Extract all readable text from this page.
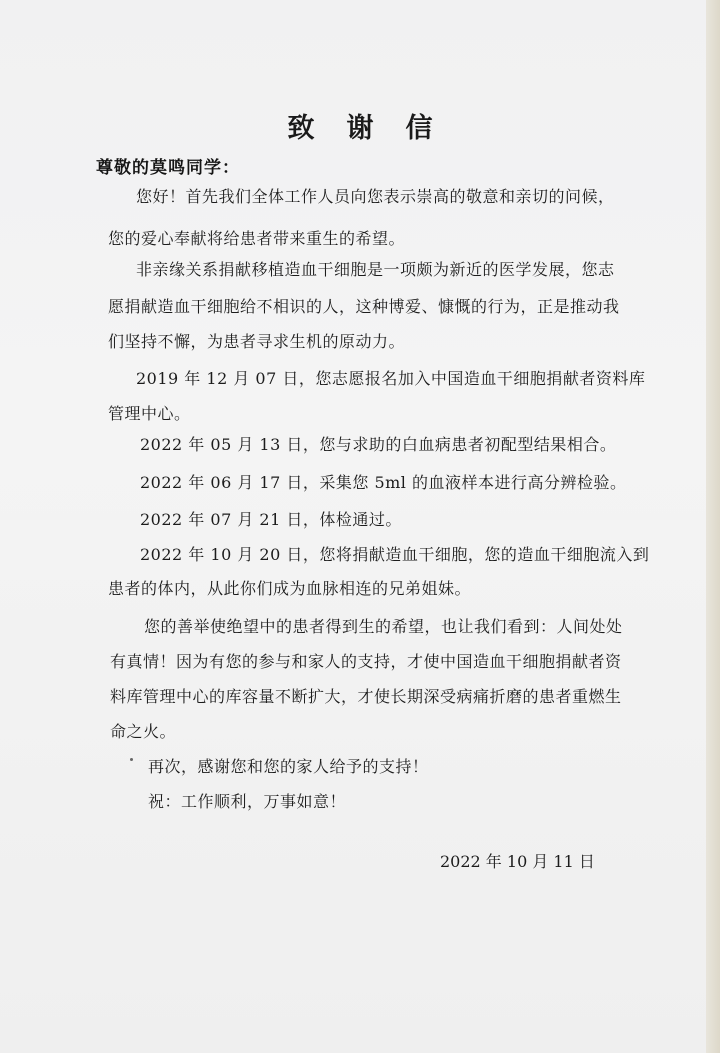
致谢信
尊敬的莫鸣同学：
您好！首先我们全体工作人员向您表示崇高的敬意和亲切的问候，
您的爱心奉献将给患者带来重生的希望。
非亲缘关系捐献移植造血干细胞是一项颇为新近的医学发展，您志
愿捐献造血干细胞给不相识的人，这种博爱、慷慨的行为，正是推动我
们坚持不懈，为患者寻求生机的原动力。
2019 年 12 月 07 日，您志愿报名加入中国造血干细胞捐献者资料库
管理中心。
2022 年 05 月 13 日，您与求助的白血病患者初配型结果相合。
2022 年 06 月 17 日，采集您 5ml 的血液样本进行高分辨检验。
2022 年 07 月 21 日，体检通过。
2022 年 10 月 20 日，您将捐献造血干细胞，您的造血干细胞流入到
患者的体内，从此你们成为血脉相连的兄弟姐妹。
您的善举使绝望中的患者得到生的希望，也让我们看到：人间处处
有真情！因为有您的参与和家人的支持，才使中国造血干细胞捐献者资
料库管理中心的库容量不断扩大，才使长期深受病痛折磨的患者重燃生
命之火。
再次，感谢您和您的家人给予的支持！
祝：工作顺利，万事如意！
2022 年 10 月 11 日
